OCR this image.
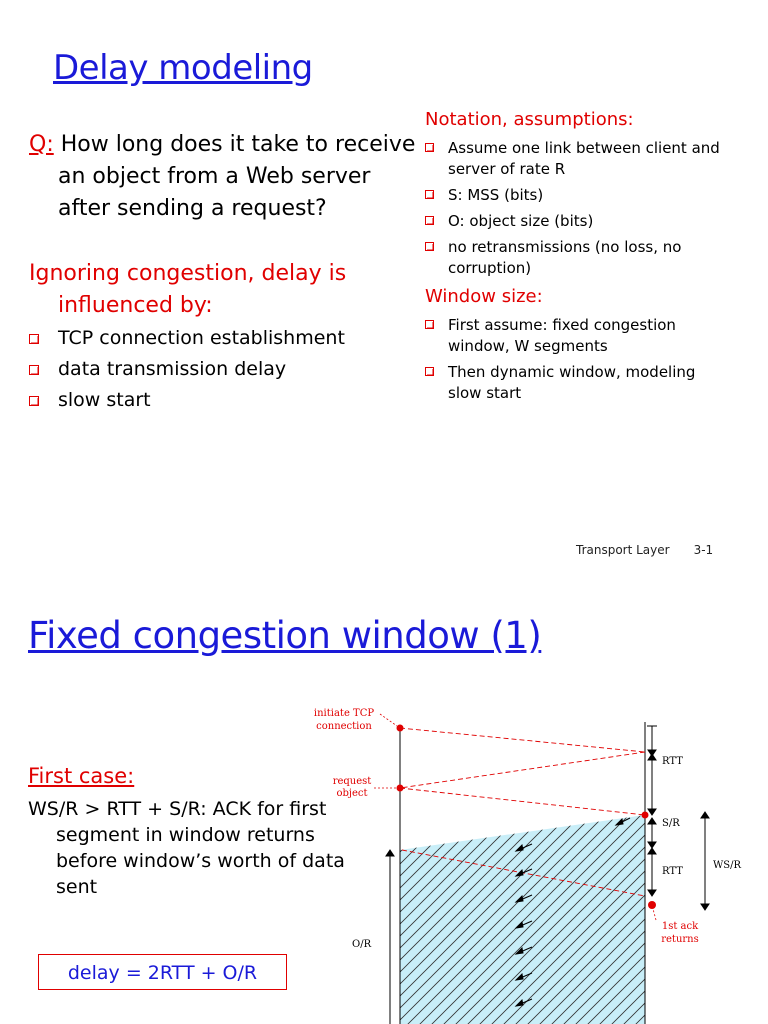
Delay modeling
Q: How long does it take to receive an object from a Web server after sending a request?
Ignoring congestion, delay is influenced by:
TCP connection establishment
data transmission delay
slow start
Notation, assumptions:
Assume one link between client and server of rate R
S: MSS (bits)
O: object size (bits)
no retransmissions (no loss, no corruption)
Window size:
First assume: fixed congestion window, W segments
Then dynamic window, modeling slow start
Transport Layer 3-1
Fixed congestion window (1)
First case:
WS/R > RTT + S/R: ACK for first segment in window returns before window’s worth of data sent
delay = 2RTT + O/R
initiate TCP
connection
request
object
1st ack
returns
RTT
S/R
RTT
WS/R
O/R
